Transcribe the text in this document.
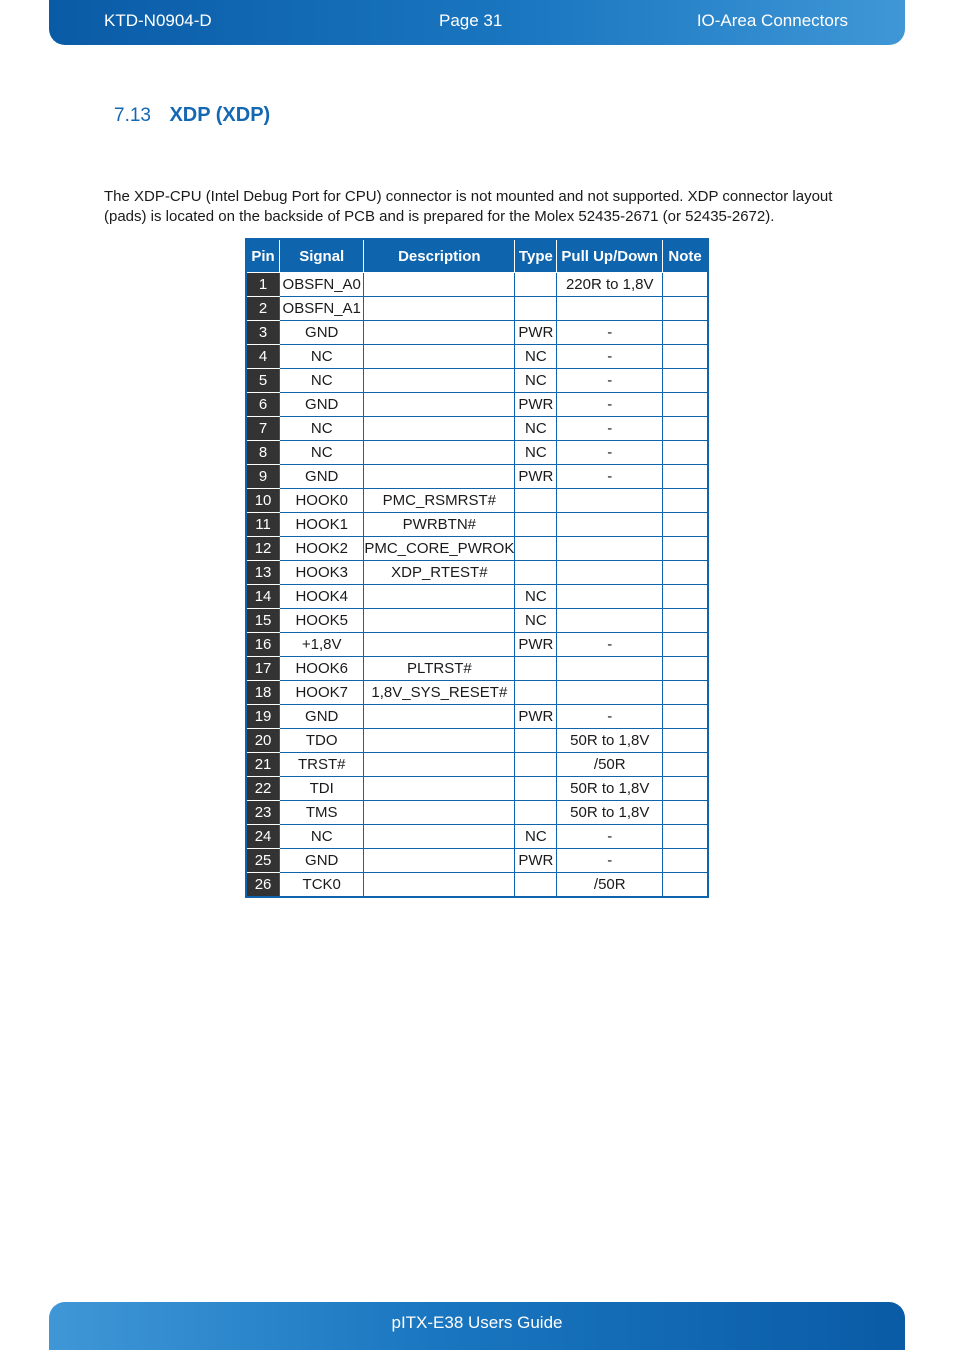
KTD-N0904-D	Page 31	IO-Area Connectors
7.13 XDP (XDP)

The XDP-CPU (Intel Debug Port for CPU) connector is not mounted and not supported. XDP connector layout (pads) is located on the backside of PCB and is prepared for the Molex 52435-2671 (or 52435-2672).

Pin	Signal	Description	Type	Pull Up/Down	Note
1	OBSFN_A0			220R to 1,8V	
2	OBSFN_A1				
3	GND		PWR	-	
4	NC		NC	-	
5	NC		NC	-	
6	GND		PWR	-	
7	NC		NC	-	
8	NC		NC	-	
9	GND		PWR	-	
10	HOOK0	PMC_RSMRST#			
11	HOOK1	PWRBTN#			
12	HOOK2	PMC_CORE_PWROK			
13	HOOK3	XDP_RTEST#			
14	HOOK4		NC		
15	HOOK5		NC		
16	+1,8V		PWR	-	
17	HOOK6	PLTRST#			
18	HOOK7	1,8V_SYS_RESET#			
19	GND		PWR	-	
20	TDO			50R to 1,8V	
21	TRST#			/50R	
22	TDI			50R to 1,8V	
23	TMS			50R to 1,8V	
24	NC		NC	-	
25	GND		PWR	-	
26	TCK0			/50R	
pITX-E38 Users Guide
